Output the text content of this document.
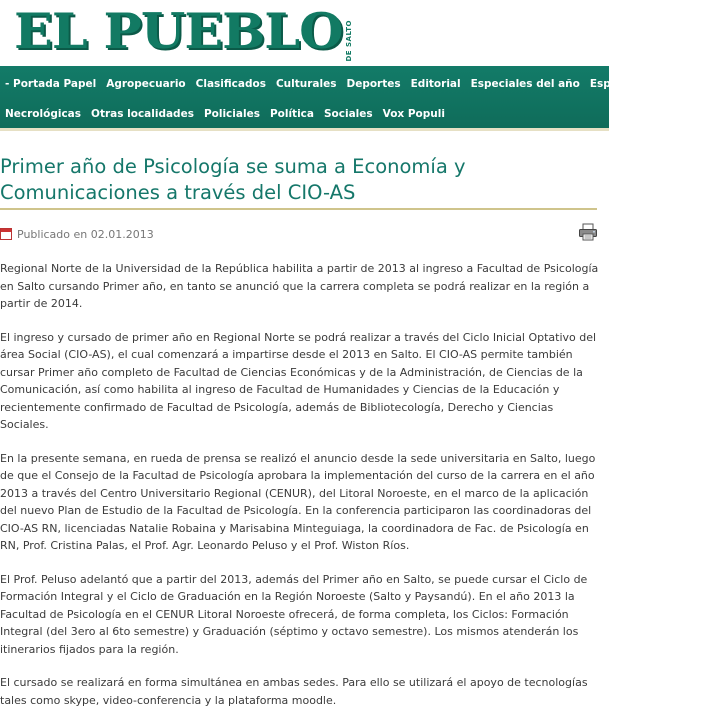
EL PUEBLO DE SALTO
- Portada Papel Agropecuario Clasificados Culturales Deportes Editorial Especiales del año Especiales Semana
Necrológicas Otras localidades Policiales Política Sociales Vox Populi
Primer año de Psicología se suma a Economía y Comunicaciones a través del CIO-AS
Publicado en 02.01.2013

Regional Norte de la Universidad de la República habilita a partir de 2013 al ingreso a Facultad de Psicología en Salto cursando Primer año, en tanto se anunció que la carrera completa se podrá realizar en la región a partir de 2014.

El ingreso y cursado de primer año en Regional Norte se podrá realizar a través del Ciclo Inicial Optativo del área Social (CIO-AS), el cual comenzará a impartirse desde el 2013 en Salto. El CIO-AS permite también cursar Primer año completo de Facultad de Ciencias Económicas y de la Administración, de Ciencias de la Comunicación, así como habilita al ingreso de Facultad de Humanidades y Ciencias de la Educación y recientemente confirmado de Facultad de Psicología, además de Bibliotecología, Derecho y Ciencias Sociales.

En la presente semana, en rueda de prensa se realizó el anuncio desde la sede universitaria en Salto, luego de que el Consejo de la Facultad de Psicología aprobara la implementación del curso de la carrera en el año 2013 a través del Centro Universitario Regional (CENUR), del Litoral Noroeste, en el marco de la aplicación del nuevo Plan de Estudio de la Facultad de Psicología. En la conferencia participaron las coordinadoras del CIO-AS RN, licenciadas Natalie Robaina y Marisabina Minteguiaga, la coordinadora de Fac. de Psicología en RN, Prof. Cristina Palas, el Prof. Agr. Leonardo Peluso y el Prof. Wiston Ríos.

El Prof. Peluso adelantó que a partir del 2013, además del Primer año en Salto, se puede cursar el Ciclo de Formación Integral y el Ciclo de Graduación en la Región Noroeste (Salto y Paysandú). En el año 2013 la Facultad de Psicología en el CENUR Litoral Noroeste ofrecerá, de forma completa, los Ciclos: Formación Integral (del 3ero al 6to semestre) y Graduación (séptimo y octavo semestre). Los mismos atenderán los itinerarios fijados para la región.

El cursado se realizará en forma simultánea en ambas sedes. Para ello se utilizará el apoyo de tecnologías tales como skype, video-conferencia y la plataforma moodle.
